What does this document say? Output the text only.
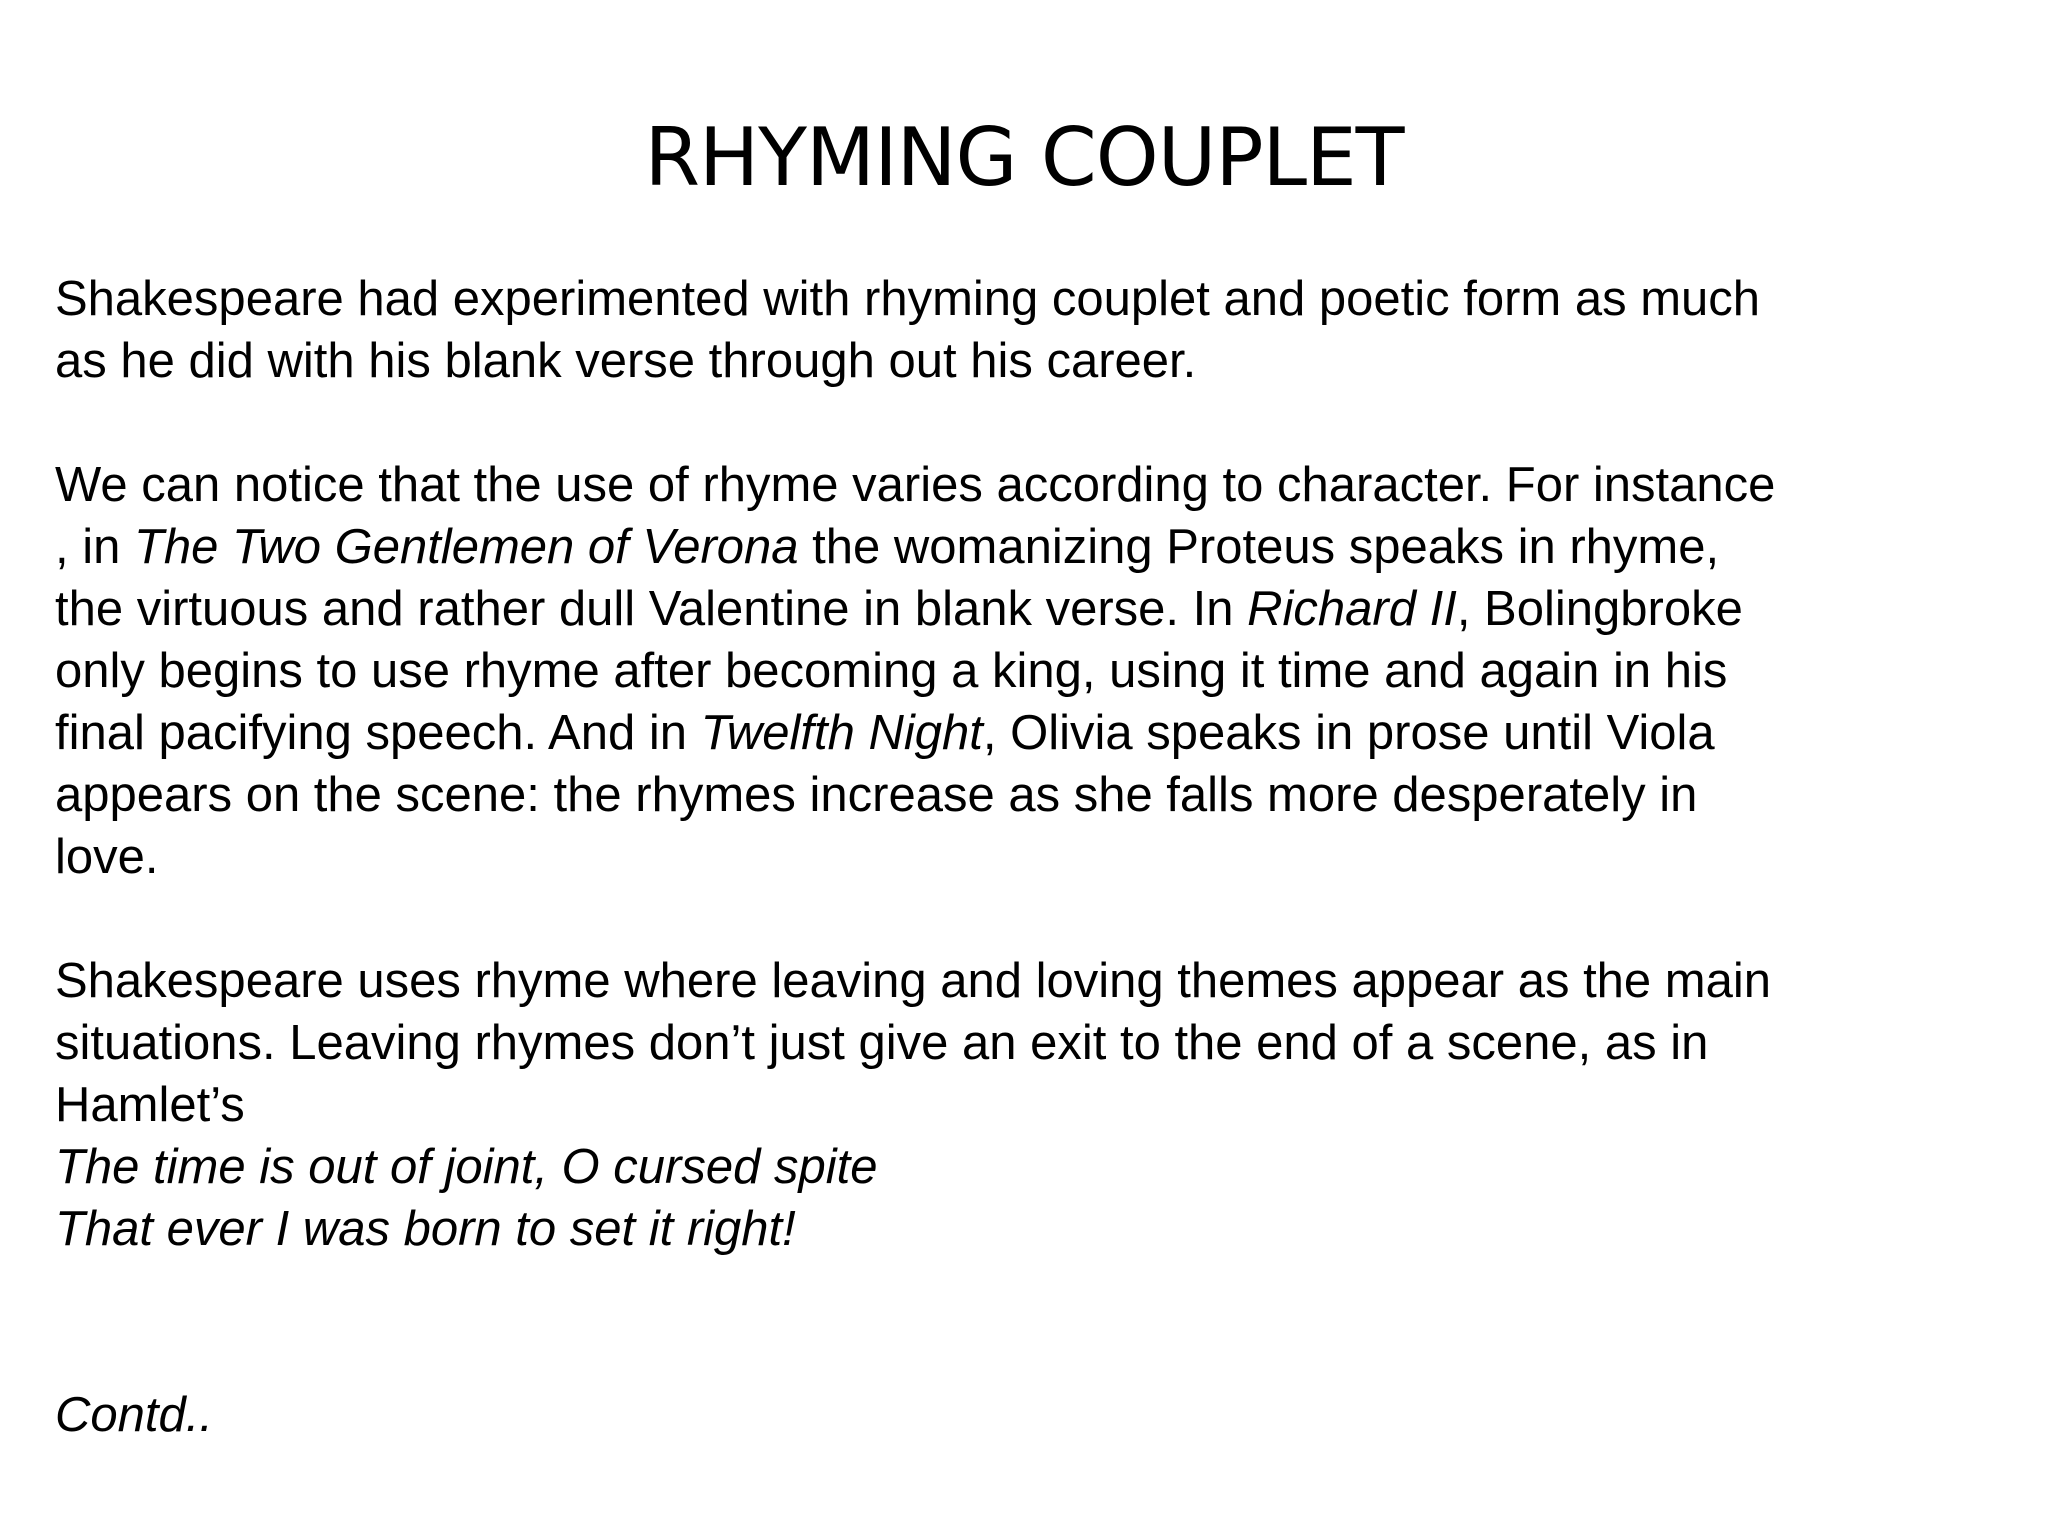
RHYMING COUPLET
Shakespeare had experimented with rhyming couplet and poetic form as much
as he did with his blank verse through out his career.
We can notice that the use of rhyme varies according to character. For instance
, in The Two Gentlemen of Verona the womanizing Proteus speaks in rhyme,
the virtuous and rather dull Valentine in blank verse. In Richard II, Bolingbroke
only begins to use rhyme after becoming a king, using it time and again in his
final pacifying speech. And in Twelfth Night, Olivia speaks in prose until Viola
appears on the scene: the rhymes increase as she falls more desperately in
love.
Shakespeare uses rhyme where leaving and loving themes appear as the main
situations. Leaving rhymes don’t just give an exit to the end of a scene, as in
Hamlet’s
The time is out of joint, O cursed spite
That ever I was born to set it right!
Contd..
